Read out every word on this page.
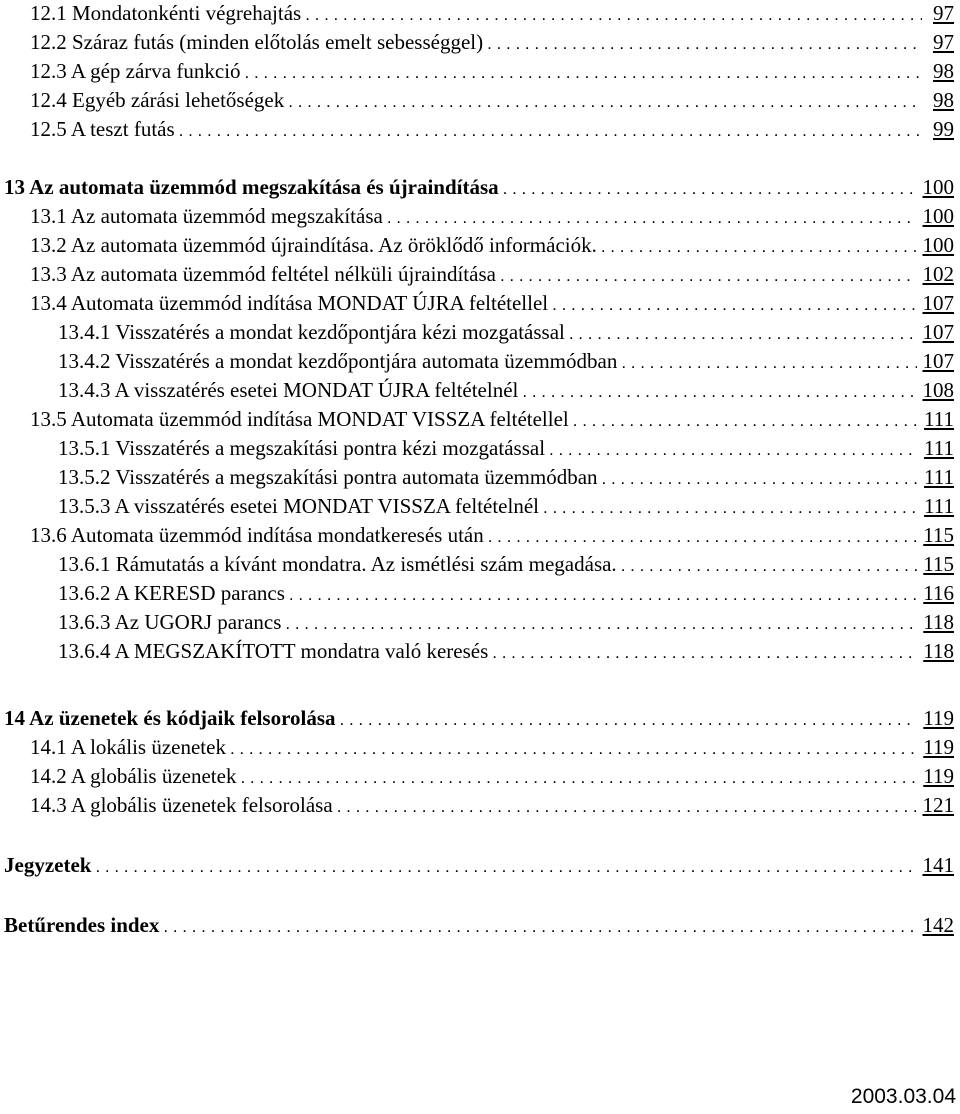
12.1 Mondatonkénti végrehajtás . . .	97
12.2 Száraz futás (minden előtolás emelt sebességgel) . . .	97
12.3 A gép zárva funkció . . .	98
12.4 Egyéb zárási lehetőségek . . .	98
12.5 A teszt futás . . .	99
13 Az automata üzemmód megszakítása és újraindítása . . .	100
13.1 Az automata üzemmód megszakítása . . .	100
13.2 Az automata üzemmód újraindítása. Az öröklődő információk. . . .	100
13.3 Az automata üzemmód feltétel nélküli újraindítása . . .	102
13.4 Automata üzemmód indítása MONDAT ÚJRA feltétellel . . .	107
13.4.1 Visszatérés a mondat kezdőpontjára kézi mozgatással . . .	107
13.4.2 Visszatérés a mondat kezdőpontjára automata üzemmódban . . .	107
13.4.3 A visszatérés esetei MONDAT ÚJRA feltételnél . . .	108
13.5 Automata üzemmód indítása MONDAT VISSZA feltétellel . . .	111
13.5.1 Visszatérés a megszakítási pontra kézi mozgatással . . .	111
13.5.2 Visszatérés a megszakítási pontra automata üzemmódban . . .	111
13.5.3 A visszatérés esetei MONDAT VISSZA feltételnél . . .	111
13.6 Automata üzemmód indítása mondatkeresés után . . .	115
13.6.1 Rámutatás a kívánt mondatra. Az ismétlési szám megadása. . . .	115
13.6.2 A KERESD parancs . . .	116
13.6.3 Az UGORJ parancs . . .	118
13.6.4 A MEGSZAKÍTOTT mondatra való keresés . . .	118
14 Az üzenetek és kódjaik felsorolása . . .	119
14.1 A lokális üzenetek . . .	119
14.2 A globális üzenetek . . .	119
14.3 A globális üzenetek felsorolása . . .	121
Jegyzetek . . .	141
Betűrendes index . . .	142
2003.03.04
